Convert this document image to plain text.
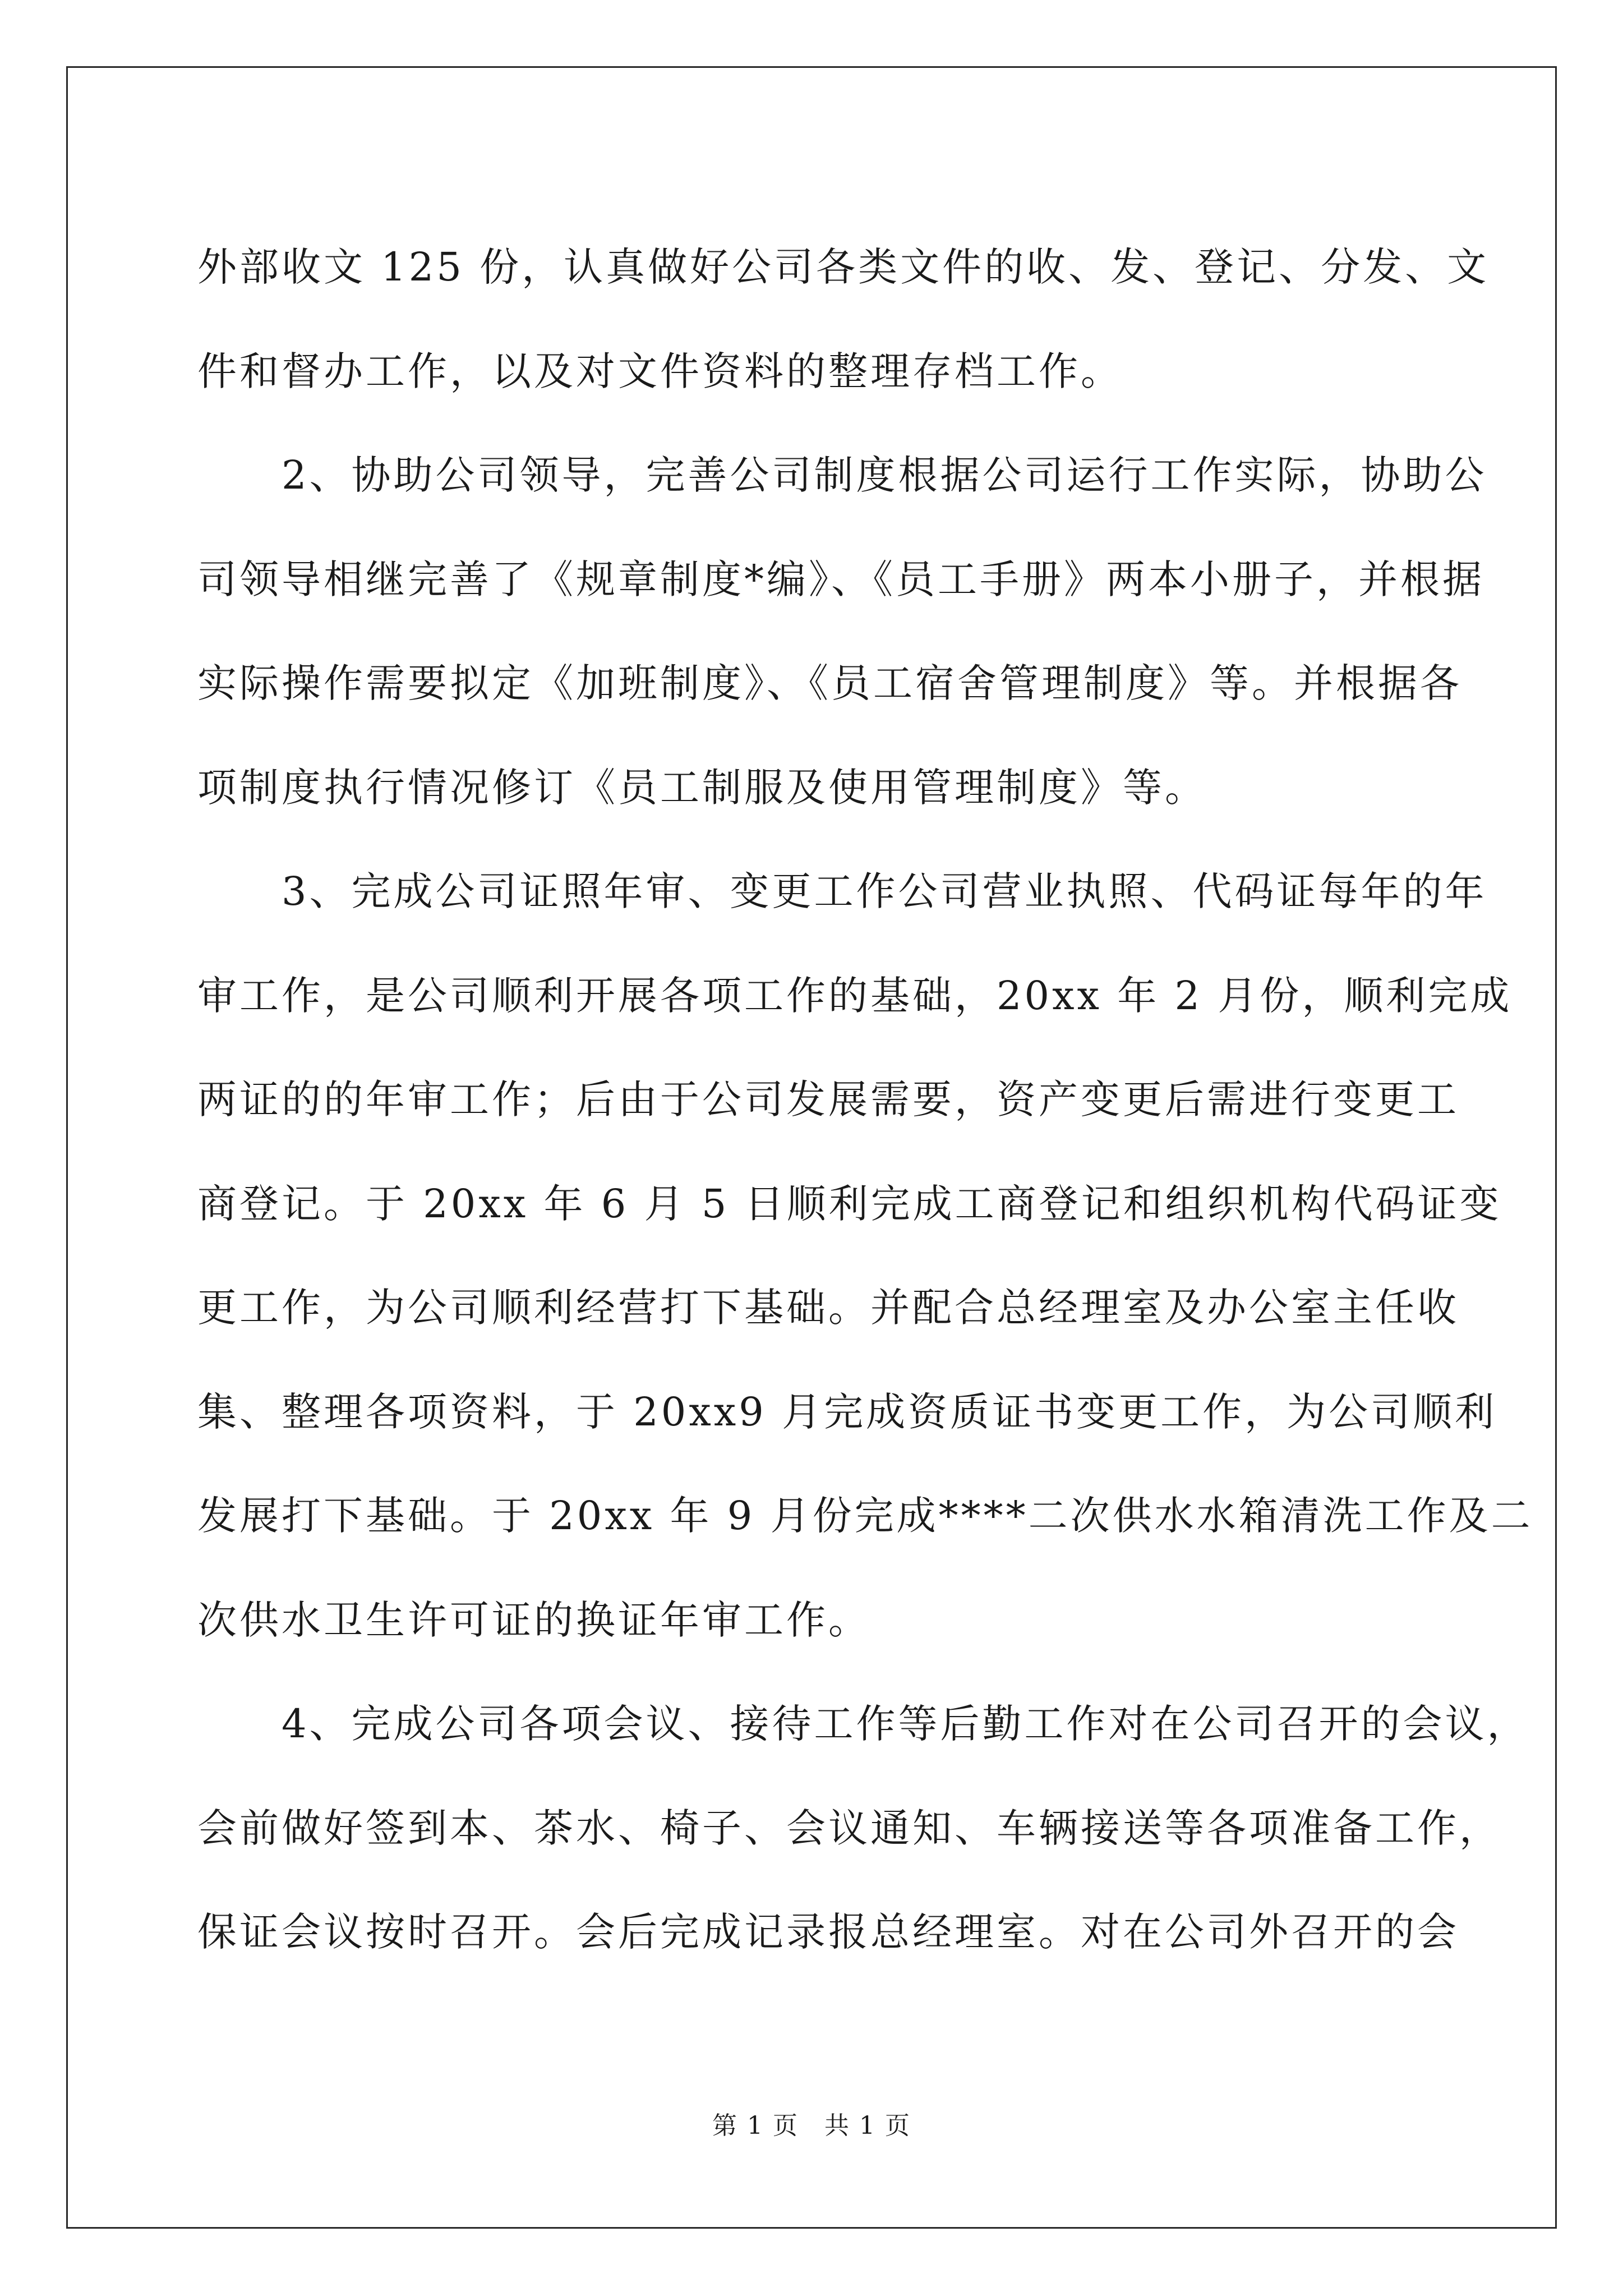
外部收文 125 份，认真做好公司各类文件的收、发、登记、分发、文
件和督办工作，以及对文件资料的整理存档工作。
　　2、协助公司领导，完善公司制度根据公司运行工作实际，协助公
司领导相继完善了《规章制度*编》、《员工手册》两本小册子，并根据
实际操作需要拟定《加班制度》、《员工宿舍管理制度》等。并根据各
项制度执行情况修订《员工制服及使用管理制度》等。
　　3、完成公司证照年审、变更工作公司营业执照、代码证每年的年
审工作，是公司顺利开展各项工作的基础，20xx 年 2 月份，顺利完成
两证的的年审工作；后由于公司发展需要，资产变更后需进行变更工
商登记。于 20xx 年 6 月 5 日顺利完成工商登记和组织机构代码证变
更工作，为公司顺利经营打下基础。并配合总经理室及办公室主任收
集、整理各项资料，于 20xx9 月完成资质证书变更工作，为公司顺利
发展打下基础。于 20xx 年 9 月份完成****二次供水水箱清洗工作及二
次供水卫生许可证的换证年审工作。
　　4、完成公司各项会议、接待工作等后勤工作对在公司召开的会议，
会前做好签到本、茶水、椅子、会议通知、车辆接送等各项准备工作，
保证会议按时召开。会后完成记录报总经理室。对在公司外召开的会
第 1 页　共 1 页
